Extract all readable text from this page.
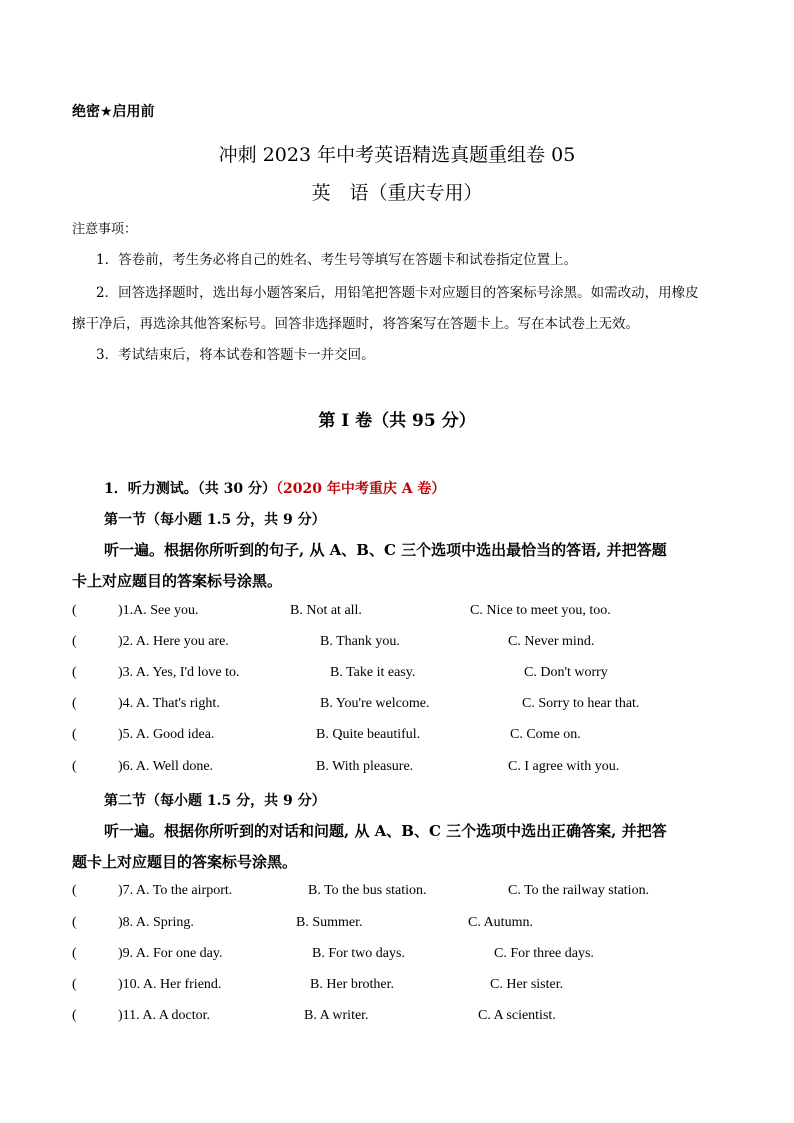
绝密★启用前
冲刺 2023 年中考英语精选真题重组卷 05
英　语（重庆专用）
注意事项：
1．答卷前，考生务必将自己的姓名、考生号等填写在答题卡和试卷指定位置上。
2．回答选择题时，选出每小题答案后，用铅笔把答题卡对应题目的答案标号涂黑。如需改动，用橡皮
擦干净后，再选涂其他答案标号。回答非选择题时，将答案写在答题卡上。写在本试卷上无效。
3．考试结束后，将本试卷和答题卡一并交回。
第 I 卷（共 95 分）
1．听力测试。（共 30 分）（2020 年中考重庆 A 卷）
第一节（每小题 1.5 分，共 9 分）
听一遍。根据你所听到的句子, 从 A、B、C 三个选项中选出最恰当的答语, 并把答题
卡上对应题目的答案标号涂黑。
(	)1.A. See you.	B. Not at all.	C. Nice to meet you, too.
(	)2. A. Here you are.	B. Thank you.	C. Never mind.
(	)3. A. Yes, I'd love to.	B. Take it easy.	C. Don't worry
(	)4. A. That's right.	B. You're welcome.	C. Sorry to hear that.
(	)5. A. Good idea.	B. Quite beautiful.	C. Come on.
(	)6. A. Well done.	B. With pleasure.	C. I agree with you.
第二节（每小题 1.5 分，共 9 分）
听一遍。根据你所听到的对话和问题, 从 A、B、C 三个选项中选出正确答案, 并把答
题卡上对应题目的答案标号涂黑。
(	)7. A. To the airport.	B. To the bus station.	C. To the railway station.
(	)8. A. Spring.	B. Summer.	C. Autumn.
(	)9. A. For one day.	B. For two days.	C. For three days.
(	)10. A. Her friend.	B. Her brother.	C. Her sister.
(	)11. A. A doctor.	B. A writer.	C. A scientist.
